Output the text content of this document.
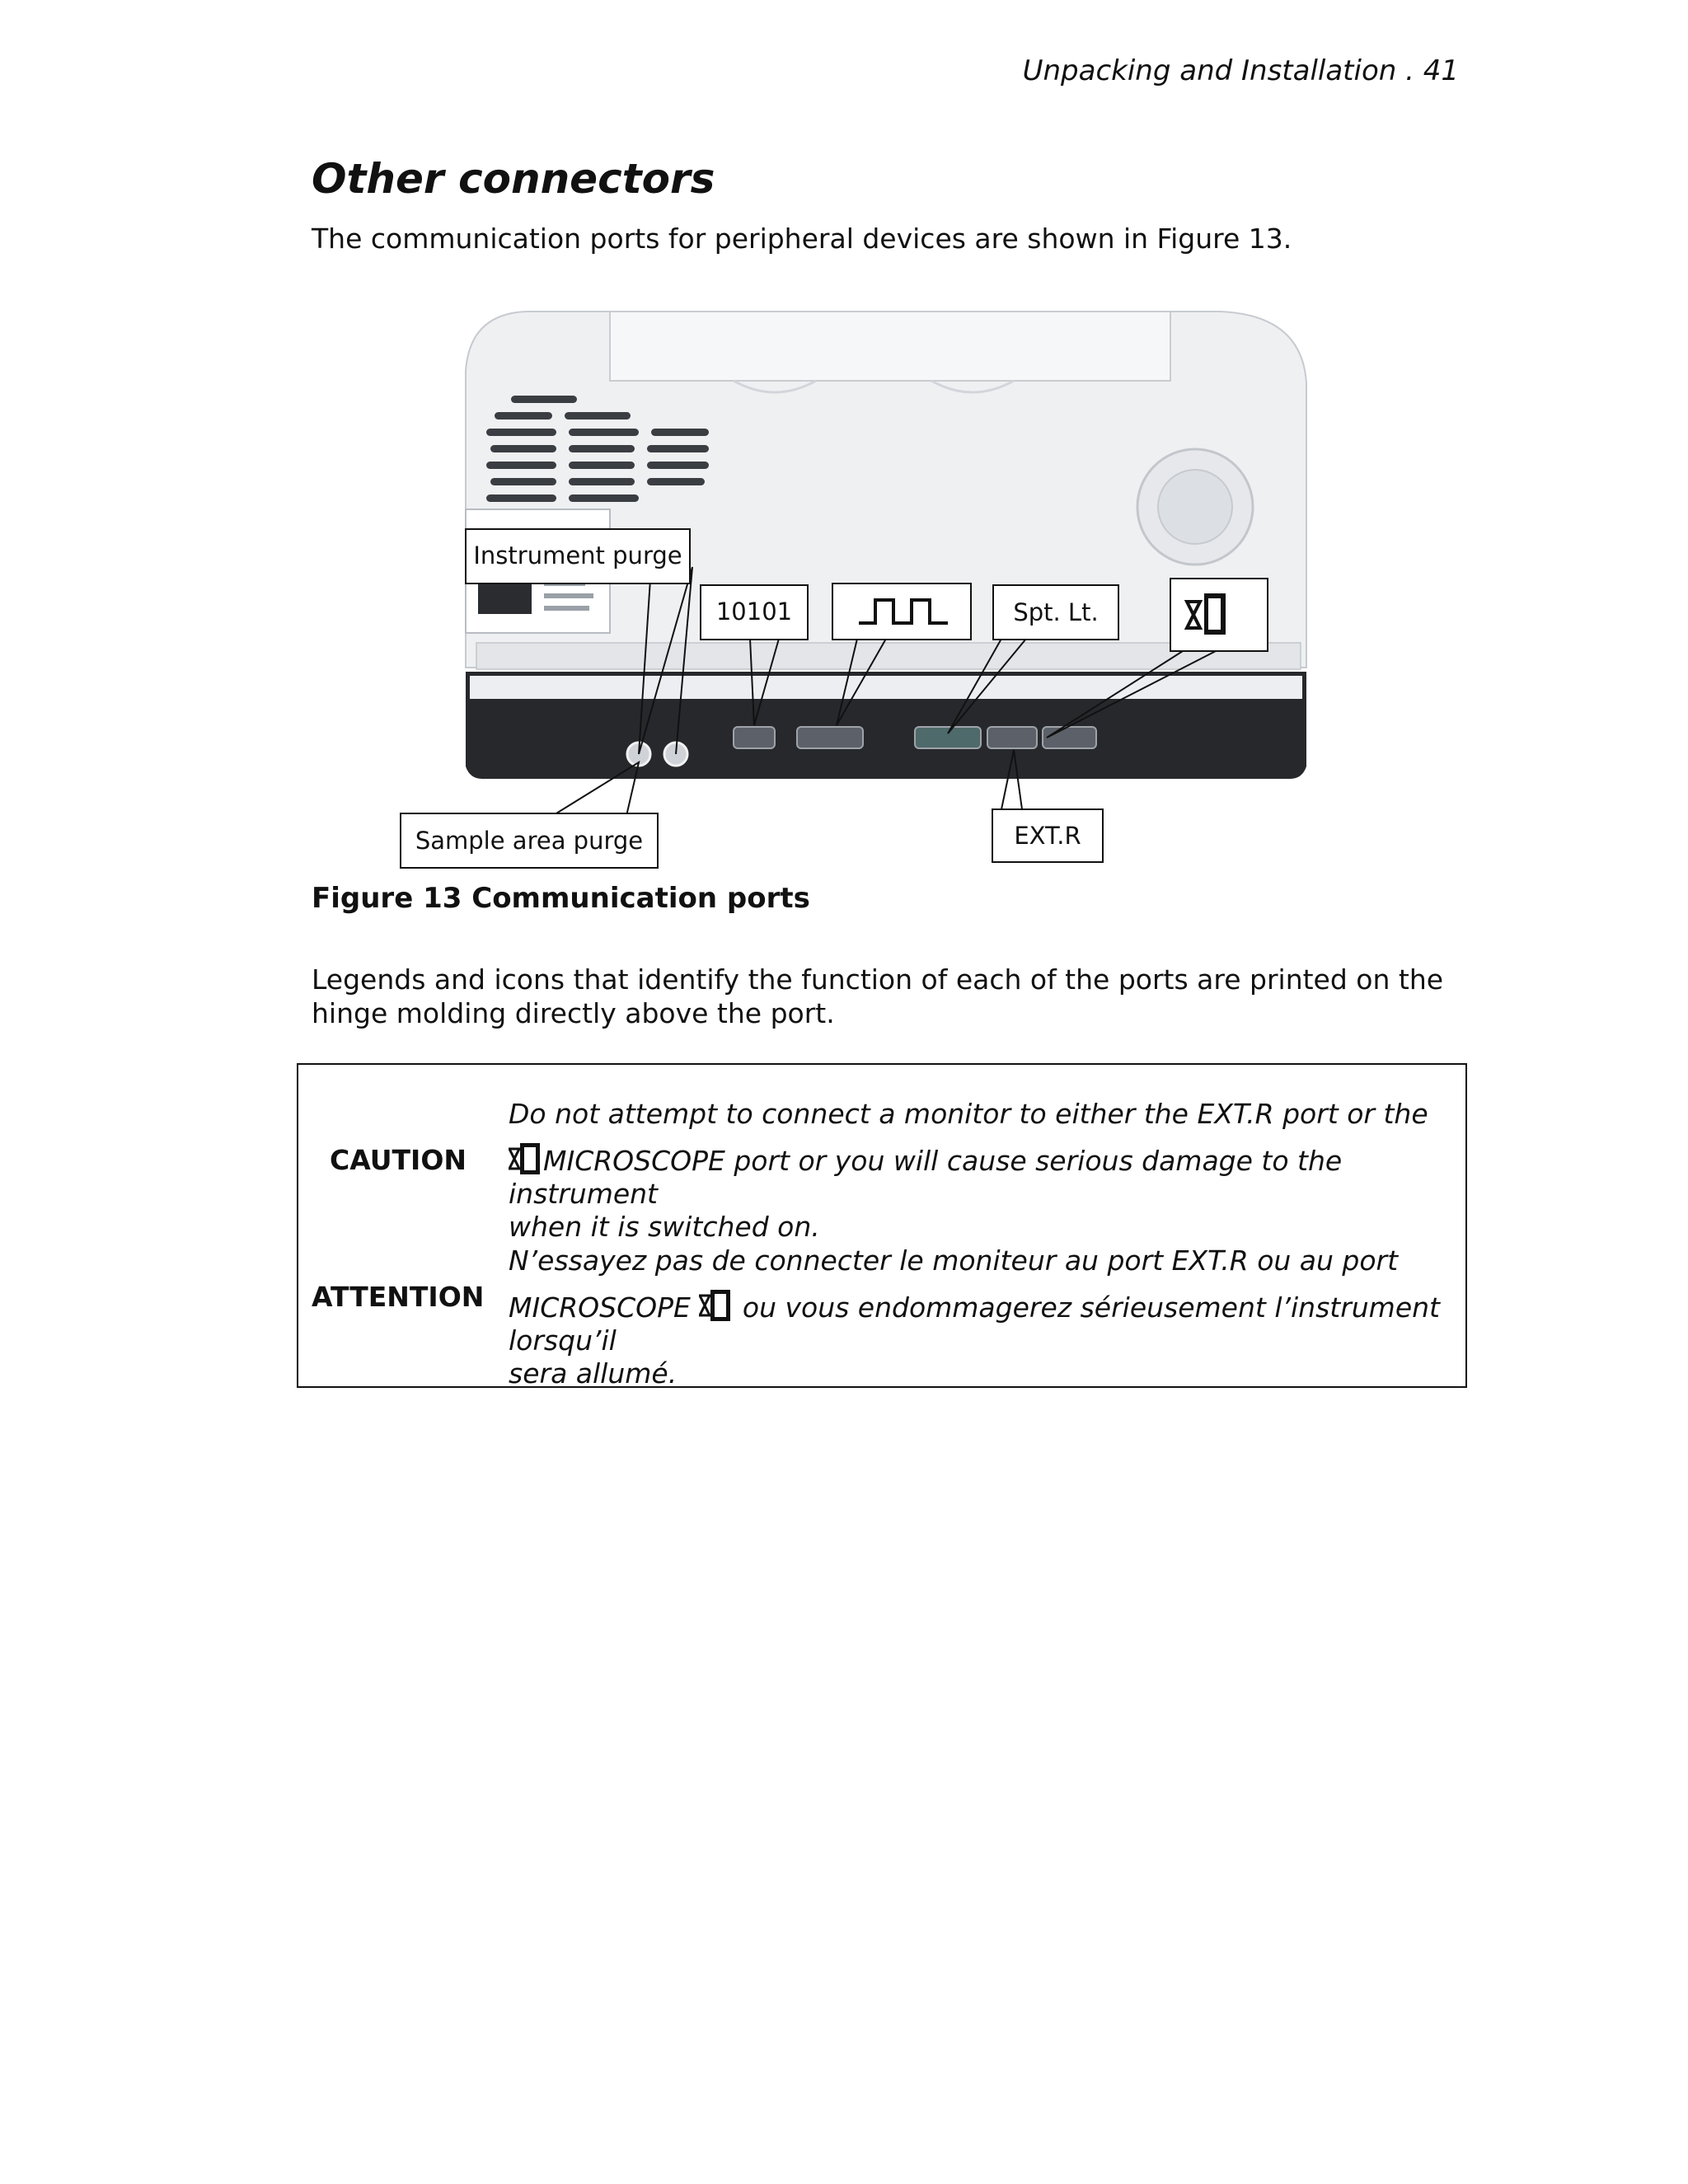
Unpacking and Installation . 41
Other connectors
The communication ports for peripheral devices are shown in Figure 13.
Instrument purge
10101	Spt. Lt.
Sample area purge	EXT.R
Figure 13 Communication ports
Legends and icons that identify the function of each of the ports are printed on the hinge molding directly above the port.
CAUTION
Do not attempt to connect a monitor to either the EXT.R port or the
MICROSCOPE port or you will cause serious damage to the instrument
when it is switched on.
ATTENTION
N’essayez pas de connecter le moniteur au port EXT.R ou au port
MICROSCOPE ou vous endommagerez sérieusement l’instrument lorsqu’il
sera allumé.
